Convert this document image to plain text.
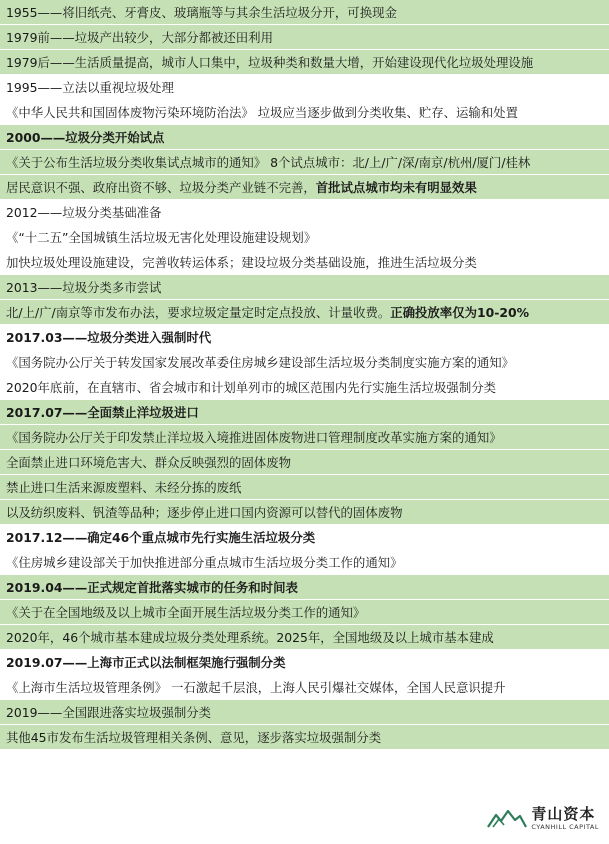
1955——将旧纸壳、牙膏皮、玻璃瓶等与其余生活垃圾分开，可换现金
1979前——垃圾产出较少，大部分都被还田利用
1979后——生活质量提高，城市人口集中，垃圾种类和数量大增，开始建设现代化垃圾处理设施
1995——立法以重视垃圾处理
《中华人民共和国固体废物污染环境防治法》 垃圾应当逐步做到分类收集、贮存、运输和处置
2000——垃圾分类开始试点
《关于公布生活垃圾分类收集试点城市的通知》 8个试点城市：北/上/广/深/南京/杭州/厦门/桂林
居民意识不强、政府出资不够、垃圾分类产业链不完善，首批试点城市均未有明显效果
2012——垃圾分类基础准备
《“十二五”全国城镇生活垃圾无害化处理设施建设规划》
加快垃圾处理设施建设，完善收转运体系；建设垃圾分类基础设施，推进生活垃圾分类
2013——垃圾分类多市尝试
北/上/广/南京等市发布办法，要求垃圾定量定时定点投放、计量收费。正确投放率仅为10-20%
2017.03——垃圾分类进入强制时代
《国务院办公厅关于转发国家发展改革委住房城乡建设部生活垃圾分类制度实施方案的通知》
2020年底前，在直辖市、省会城市和计划单列市的城区范围内先行实施生活垃圾强制分类
2017.07——全面禁止洋垃圾进口
《国务院办公厅关于印发禁止洋垃圾入境推进固体废物进口管理制度改革实施方案的通知》
全面禁止进口环境危害大、群众反映强烈的固体废物
禁止进口生活来源废塑料、未经分拣的废纸
以及纺织废料、钒渣等品种；逐步停止进口国内资源可以替代的固体废物
2017.12——确定46个重点城市先行实施生活垃圾分类
《住房城乡建设部关于加快推进部分重点城市生活垃圾分类工作的通知》
2019.04——正式规定首批落实城市的任务和时间表
《关于在全国地级及以上城市全面开展生活垃圾分类工作的通知》
2020年，46个城市基本建成垃圾分类处理系统。2025年，全国地级及以上城市基本建成
2019.07——上海市正式以法制框架施行强制分类
《上海市生活垃圾管理条例》 一石激起千层浪，上海人民引爆社交媒体，全国人民意识提升
2019——全国跟进落实垃圾强制分类
其他45市发布生活垃圾管理相关条例、意见，逐步落实垃圾强制分类
青山资本
CYANHILL CAPITAL
